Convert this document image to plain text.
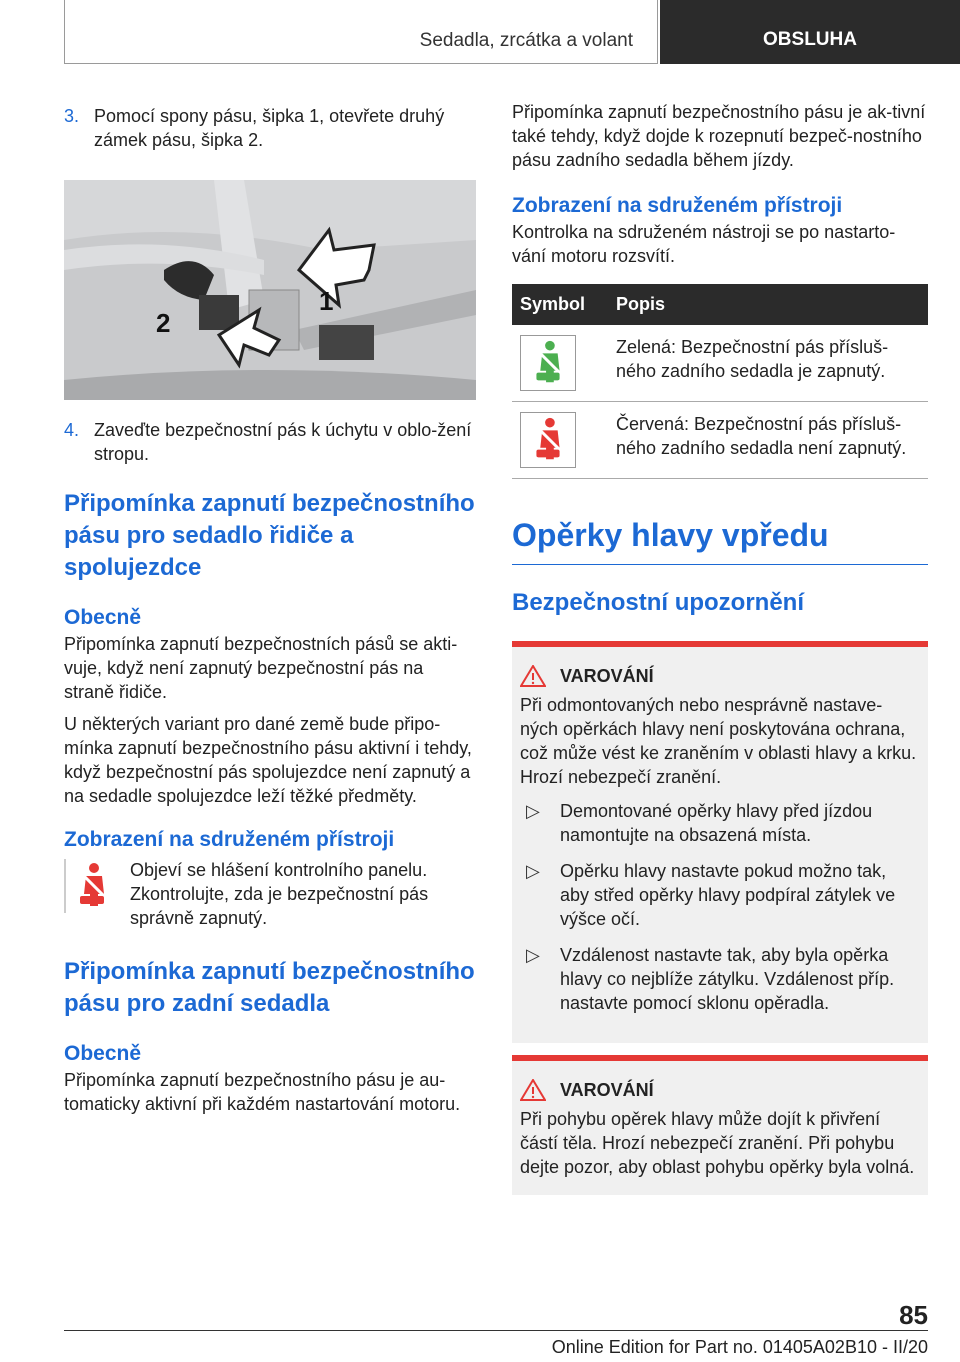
Sedadla, zrcátka a volant	OBSLUHA
3. Pomocí spony pásu, šipka 1, otevřete druhý zámek pásu, šipka 2.

2
1
4. Zaveďte bezpečnostní pás k úchytu v oblo-žení stropu.

Připomínka zapnutí bezpečnostního pásu pro sedadlo řidiče a spolujezdce
Obecně

Připomínka zapnutí bezpečnostních pásů se akti-vuje, když není zapnutý bezpečnostní pás na straně řidiče.

U některých variant pro dané země bude připo-mínka zapnutí bezpečnostního pásu aktivní i tehdy, když bezpečnostní pás spolujezdce není zapnutý a na sedadle spolujezdce leží těžké předměty.

Zobrazení na sdruženém přístroji

Objeví se hlášení kontrolního panelu. Zkontrolujte, zda je bezpečnostní pás správně zapnutý.

Připomínka zapnutí bezpečnostního pásu pro zadní sedadla
Obecně

Připomínka zapnutí bezpečnostního pásu je au-tomaticky aktivní při každém nastartování motoru.

Připomínka zapnutí bezpečnostního pásu je ak-tivní také tehdy, když dojde k rozepnutí bezpeč-nostního pásu zadního sedadla během jízdy.

Zobrazení na sdruženém přístroji

Kontrolka na sdruženém nástroji se po nastarto-vání motoru rozsvítí.

Symbol	Popis

	Zelená: Bezpečnostní pás přísluš-ného zadního sedadla je zapnutý.

	Červená: Bezpečnostní pás přísluš-ného zadního sedadla není zapnutý.
Opěrky hlavy vpředu
Bezpečnostní upozornění
VAROVÁNÍ

Při odmontovaných nebo nesprávně nastave-ných opěrkách hlavy není poskytována ochrana, což může vést ke zraněním v oblasti hlavy a krku. Hrozí nebezpečí zranění.

▷	Demontované opěrky hlavy před jízdou namontujte na obsazená místa.
▷	Opěrku hlavy nastavte pokud možno tak, aby střed opěrky hlavy podpíral zátylek ve výšce očí.
▷	Vzdálenost nastavte tak, aby byla opěrka hlavy co nejblíže zátylku. Vzdálenost příp. nastavte pomocí sklonu opěradla.
VAROVÁNÍ

Při pohybu opěrek hlavy může dojít k přivření částí těla. Hrozí nebezpečí zranění. Při pohybu dejte pozor, aby oblast pohybu opěrky byla volná.

85
Online Edition for Part no. 01405A02B10 - II/20
